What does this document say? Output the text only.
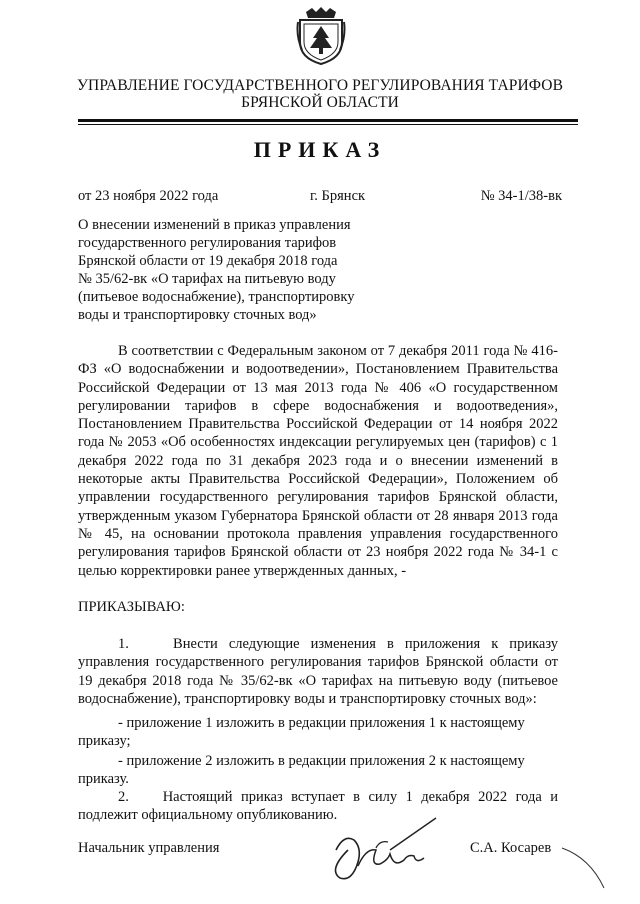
УПРАВЛЕНИЕ ГОСУДАРСТВЕННОГО РЕГУЛИРОВАНИЯ ТАРИФОВ
БРЯНСКОЙ ОБЛАСТИ
ПРИКАЗ
от 23 ноября 2022 года	г. Брянск	№ 34-1/38-вк
О внесении изменений в приказ управления
государственного регулирования тарифов
Брянской области от 19 декабря 2018 года
№ 35/62-вк «О тарифах на питьевую воду
(питьевое водоснабжение), транспортировку
воды и транспортировку сточных вод»
В соответствии с Федеральным законом от 7 декабря 2011 года № 416-ФЗ «О водоснабжении и водоотведении», Постановлением Правительства Российской Федерации от 13 мая 2013 года № 406 «О государственном регулировании тарифов в сфере водоснабжения и водоотведения», Постановлением Правительства Российской Федерации от 14 ноября 2022 года № 2053 «Об особенностях индексации регулируемых цен (тарифов) с 1 декабря 2022 года по 31 декабря 2023 года и о внесении изменений в некоторые акты Правительства Российской Федерации», Положением об управлении государственного регулирования тарифов Брянской области, утвержденным указом Губернатора Брянской области от 28 января 2013 года № 45, на основании протокола правления управления государственного регулирования тарифов Брянской области от 23 ноября 2022 года № 34-1 с целью корректировки ранее утвержденных данных, -
ПРИКАЗЫВАЮ:
1.	Внести следующие изменения в приложения к приказу управления государственного регулирования тарифов Брянской области от 19 декабря 2018 года № 35/62-вк «О тарифах на питьевую воду (питьевое водоснабжение), транспортировку воды и транспортировку сточных вод»:
- приложение 1 изложить в редакции приложения 1 к настоящему
приказу;
- приложение 2 изложить в редакции приложения 2 к настоящему
приказу.
2. Настоящий приказ вступает в силу 1 декабря 2022 года и подлежит официальному опубликованию.
Начальник управления	С.А. Косарев
